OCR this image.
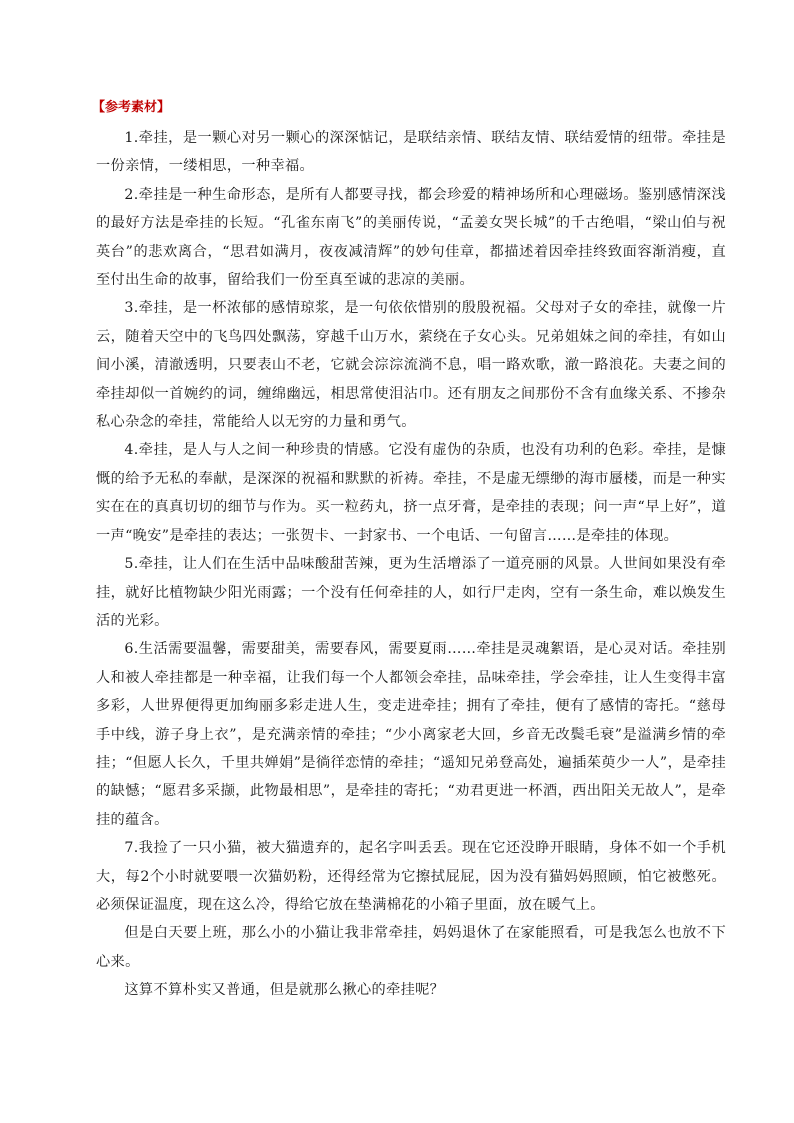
【参考素材】

1.牵挂，是一颗心对另一颗心的深深惦记，是联结亲情、联结友情、联结爱情的纽带。牵挂是一份亲情，一缕相思，一种幸福。

2.牵挂是一种生命形态，是所有人都要寻找，都会珍爱的精神场所和心理磁场。鉴别感情深浅的最好方法是牵挂的长短。“孔雀东南飞”的美丽传说，“孟姜女哭长城”的千古绝唱，“梁山伯与祝英台”的悲欢离合，“思君如满月，夜夜减清辉”的妙句佳章，都描述着因牵挂终致面容渐消瘦，直至付出生命的故事，留给我们一份至真至诚的悲凉的美丽。

3.牵挂，是一杯浓郁的感情琼浆，是一句依依惜别的殷殷祝福。父母对子女的牵挂，就像一片云，随着天空中的飞鸟四处飘荡，穿越千山万水，萦绕在子女心头。兄弟姐妹之间的牵挂，有如山间小溪，清澈透明，只要表山不老，它就会淙淙流淌不息，唱一路欢歌，澈一路浪花。夫妻之间的牵挂却似一首婉约的词，缠绵幽远，相思常使泪沾巾。还有朋友之间那份不含有血缘关系、不掺杂私心杂念的牵挂，常能给人以无穷的力量和勇气。

4.牵挂，是人与人之间一种珍贵的情感。它没有虚伪的杂质，也没有功利的色彩。牵挂，是慷慨的给予无私的奉献，是深深的祝福和默默的祈祷。牵挂，不是虚无缥缈的海市蜃楼，而是一种实实在在的真真切切的细节与作为。买一粒药丸，挤一点牙膏，是牵挂的表现；问一声“早上好”，道一声“晚安”是牵挂的表达；一张贺卡、一封家书、一个电话、一句留言……是牵挂的体现。

5.牵挂，让人们在生活中品味酸甜苦辣，更为生活增添了一道亮丽的风景。人世间如果没有牵挂，就好比植物缺少阳光雨露；一个没有任何牵挂的人，如行尸走肉，空有一条生命，难以焕发生活的光彩。

6.生活需要温馨，需要甜美，需要春风，需要夏雨……牵挂是灵魂絮语，是心灵对话。牵挂别人和被人牵挂都是一种幸福，让我们每一个人都领会牵挂，品味牵挂，学会牵挂，让人生变得丰富多彩，人世界便得更加绚丽多彩走进人生，变走进牵挂；拥有了牵挂，便有了感情的寄托。“慈母手中线，游子身上衣”，是充满亲情的牵挂；“少小离家老大回，乡音无改鬓毛衰”是溢满乡情的牵挂；“但愿人长久，千里共婵娟”是徜徉恋情的牵挂；“遥知兄弟登高处，遍插茱萸少一人”，是牵挂的缺憾；“愿君多采撷，此物最相思”，是牵挂的寄托；“劝君更进一杯酒，西出阳关无故人”，是牵挂的蕴含。

7.我捡了一只小猫，被大猫遗弃的，起名字叫丢丢。现在它还没睁开眼睛，身体不如一个手机大，每2个小时就要喂一次猫奶粉，还得经常为它擦拭屁屁，因为没有猫妈妈照顾，怕它被憋死。必须保证温度，现在这么冷，得给它放在垫满棉花的小箱子里面，放在暖气上。

但是白天要上班，那么小的小猫让我非常牵挂，妈妈退休了在家能照看，可是我怎么也放不下心来。

这算不算朴实又普通，但是就那么揪心的牵挂呢？
